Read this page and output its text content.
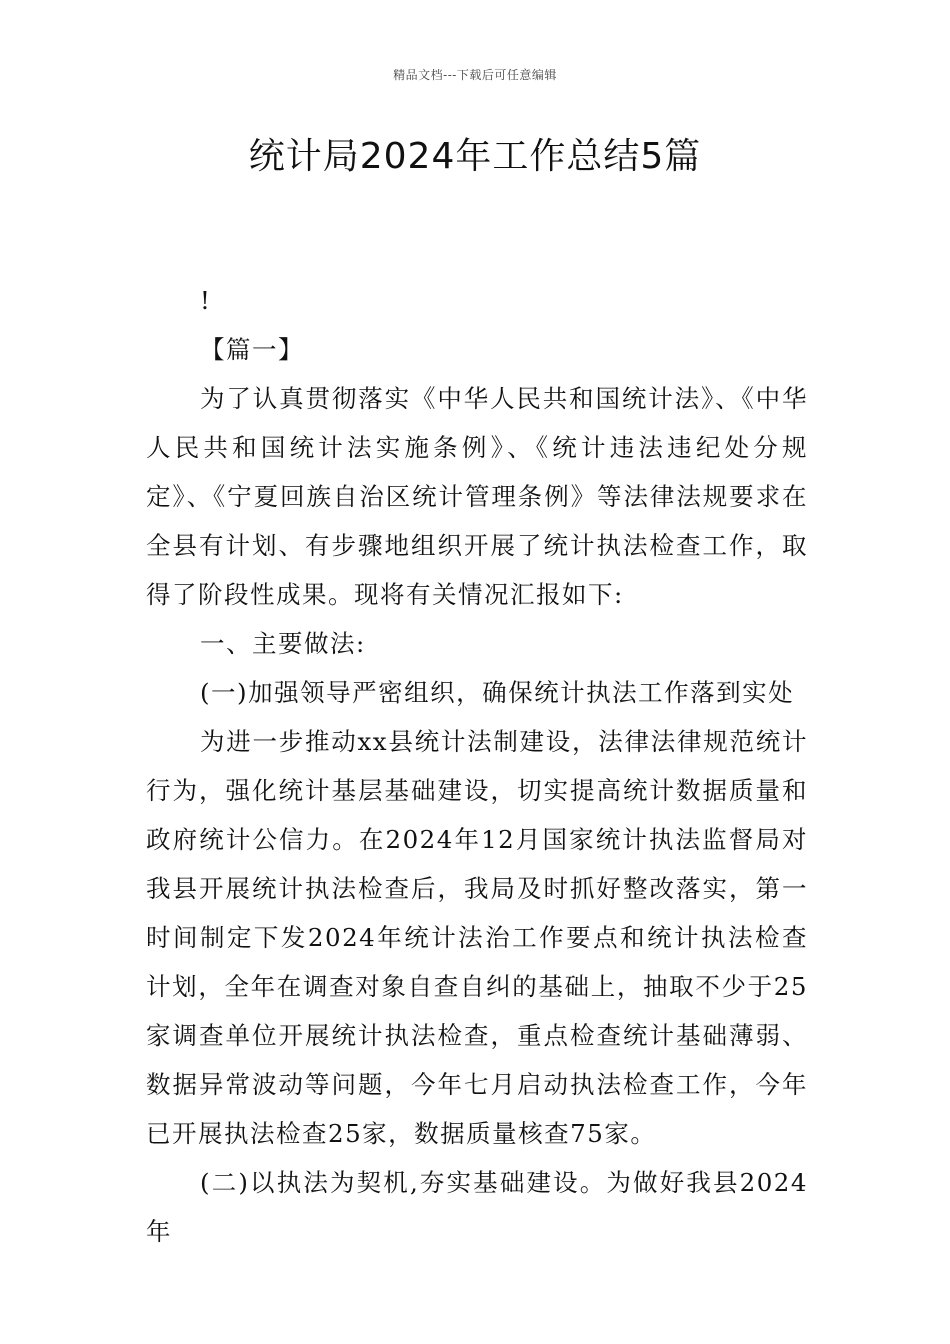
精品文档---下载后可任意编辑
统计局2024年工作总结5篇

!

【篇一】

为了认真贯彻落实《中华人民共和国统计法》、《中华人民共和国统计法实施条例》、《统计违法违纪处分规定》、《宁夏回族自治区统计管理条例》等法律法规要求在全县有计划、有步骤地组织开展了统计执法检查工作，取得了阶段性成果。现将有关情况汇报如下:

一、主要做法:

(一)加强领导严密组织，确保统计执法工作落到实处

为进一步推动xx县统计法制建设，法律法律规范统计行为，强化统计基层基础建设，切实提高统计数据质量和政府统计公信力。在2024年12月国家统计执法监督局对我县开展统计执法检查后，我局及时抓好整改落实，第一时间制定下发2024年统计法治工作要点和统计执法检查计划，全年在调查对象自查自纠的基础上，抽取不少于25家调查单位开展统计执法检查，重点检查统计基础薄弱、数据异常波动等问题，今年七月启动执法检查工作，今年已开展执法检查25家，数据质量核查75家。

(二)以执法为契机,夯实基础建设。为做好我县2024年
